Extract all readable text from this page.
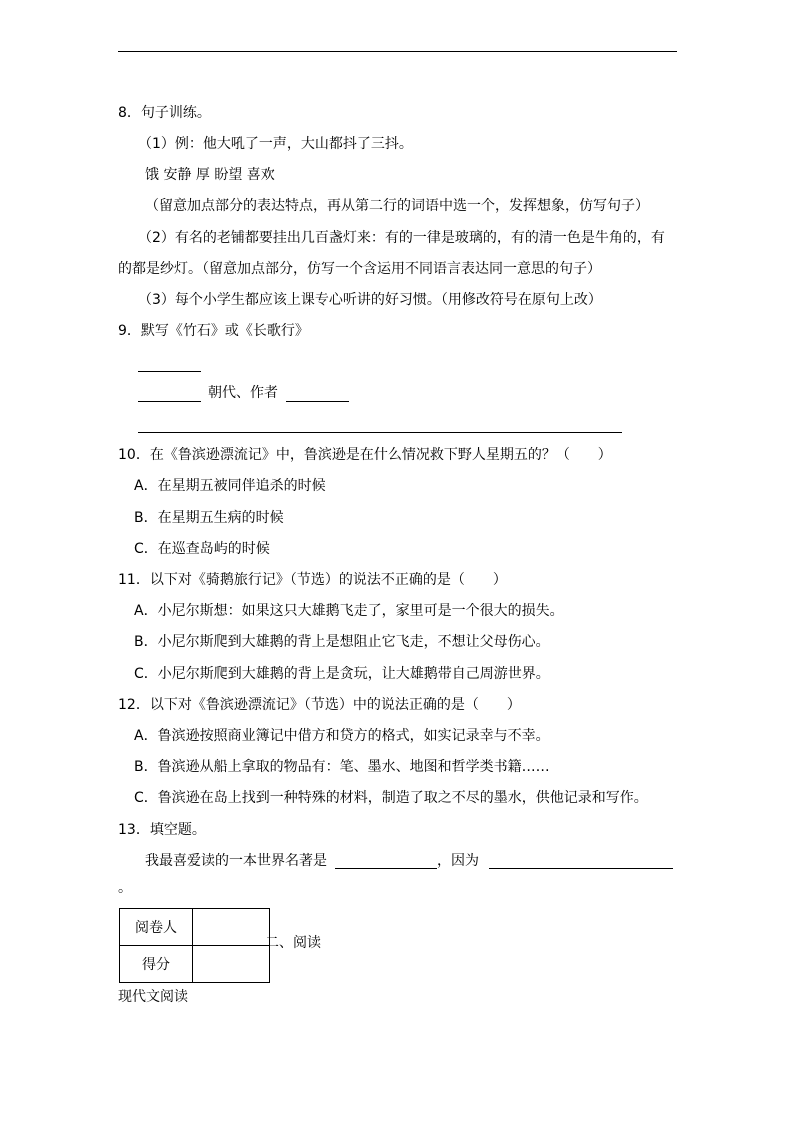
8．句子训练。
（1）例：他大吼了一声，大山都抖了三抖。
饿 安静 厚 盼望 喜欢
（留意加点部分的表达特点，再从第二行的词语中选一个，发挥想象，仿写句子）
（2）有名的老铺都要挂出几百盏灯来：有的一律是玻璃的，有的清一色是牛角的，有
的都是纱灯。（留意加点部分，仿写一个含运用不同语言表达同一意思的句子）
（3）每个小学生都应该上课专心听讲的好习惯。（用修改符号在原句上改）
9．默写《竹石》或《长歌行》
朝代、作者
10．在《鲁滨逊漂流记》中，鲁滨逊是在什么情况救下野人星期五的？（　　）
A．在星期五被同伴追杀的时候
B．在星期五生病的时候
C．在巡查岛屿的时候
11．以下对《骑鹅旅行记》（节选）的说法不正确的是（　　）
A．小尼尔斯想：如果这只大雄鹅飞走了，家里可是一个很大的损失。
B．小尼尔斯爬到大雄鹅的背上是想阻止它飞走，不想让父母伤心。
C．小尼尔斯爬到大雄鹅的背上是贪玩，让大雄鹅带自己周游世界。
12．以下对《鲁滨逊漂流记》（节选）中的说法正确的是（　　）
A．鲁滨逊按照商业簿记中借方和贷方的格式，如实记录幸与不幸。
B．鲁滨逊从船上拿取的物品有：笔、墨水、地图和哲学类书籍……
C．鲁滨逊在岛上找到一种特殊的材料，制造了取之不尽的墨水，供他记录和写作。
13．填空题。
我最喜爱读的一本世界名著是	，因为
。
阅卷人	
得分	
二、阅读
现代文阅读
